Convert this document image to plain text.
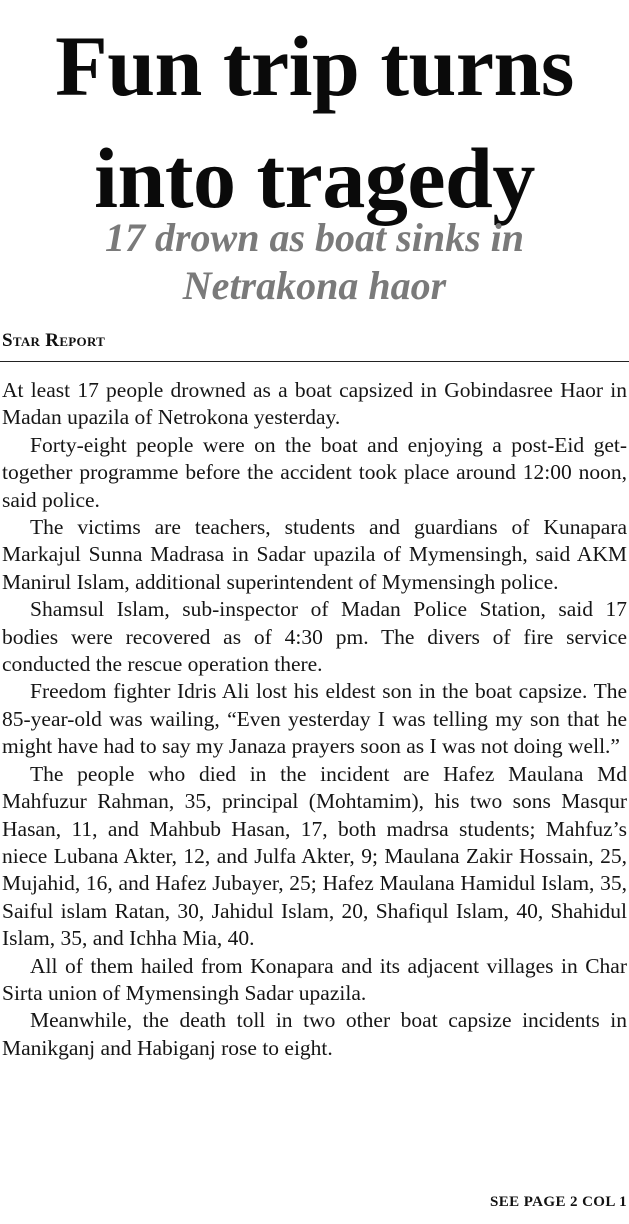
Fun trip turns
into tragedy
17 drown as boat sinks in
Netrakona haor
Star Report

At least 17 people drowned as a boat capsized in Gobindasree Haor in Madan upazila of Netrokona yesterday.

Forty-eight people were on the boat and enjoying a post-Eid get-together programme before the accident took place around 12:00 noon, said police.

The victims are teachers, students and guardians of Kunapara Markajul Sunna Madrasa in Sadar upazila of Mymensingh, said AKM Manirul Islam, additional superintendent of Mymensingh police.

Shamsul Islam, sub-inspector of Madan Police Station, said 17 bodies were recovered as of 4:30 pm. The divers of fire service conducted the rescue operation there.

Freedom fighter Idris Ali lost his eldest son in the boat capsize. The 85-year-old was wailing, “Even yesterday I was telling my son that he might have had to say my Janaza prayers soon as I was not doing well.”

The people who died in the incident are Hafez Maulana Md Mahfuzur Rahman, 35, principal (Mohtamim), his two sons Masqur Hasan, 11, and Mahbub Hasan, 17, both madrsa students; Mahfuz’s niece Lubana Akter, 12, and Julfa Akter, 9; Maulana Zakir Hossain, 25, Mujahid, 16, and Hafez Jubayer, 25; Hafez Maulana Hamidul Islam, 35, Saiful islam Ratan, 30, Jahidul Islam, 20, Shafiqul Islam, 40, Shahidul Islam, 35, and Ichha Mia, 40.

All of them hailed from Konapara and its adjacent villages in Char Sirta union of Mymensingh Sadar upazila.

Meanwhile, the death toll in two other boat capsize incidents in Manikganj and Habiganj rose to eight.

SEE PAGE 2 COL 1
